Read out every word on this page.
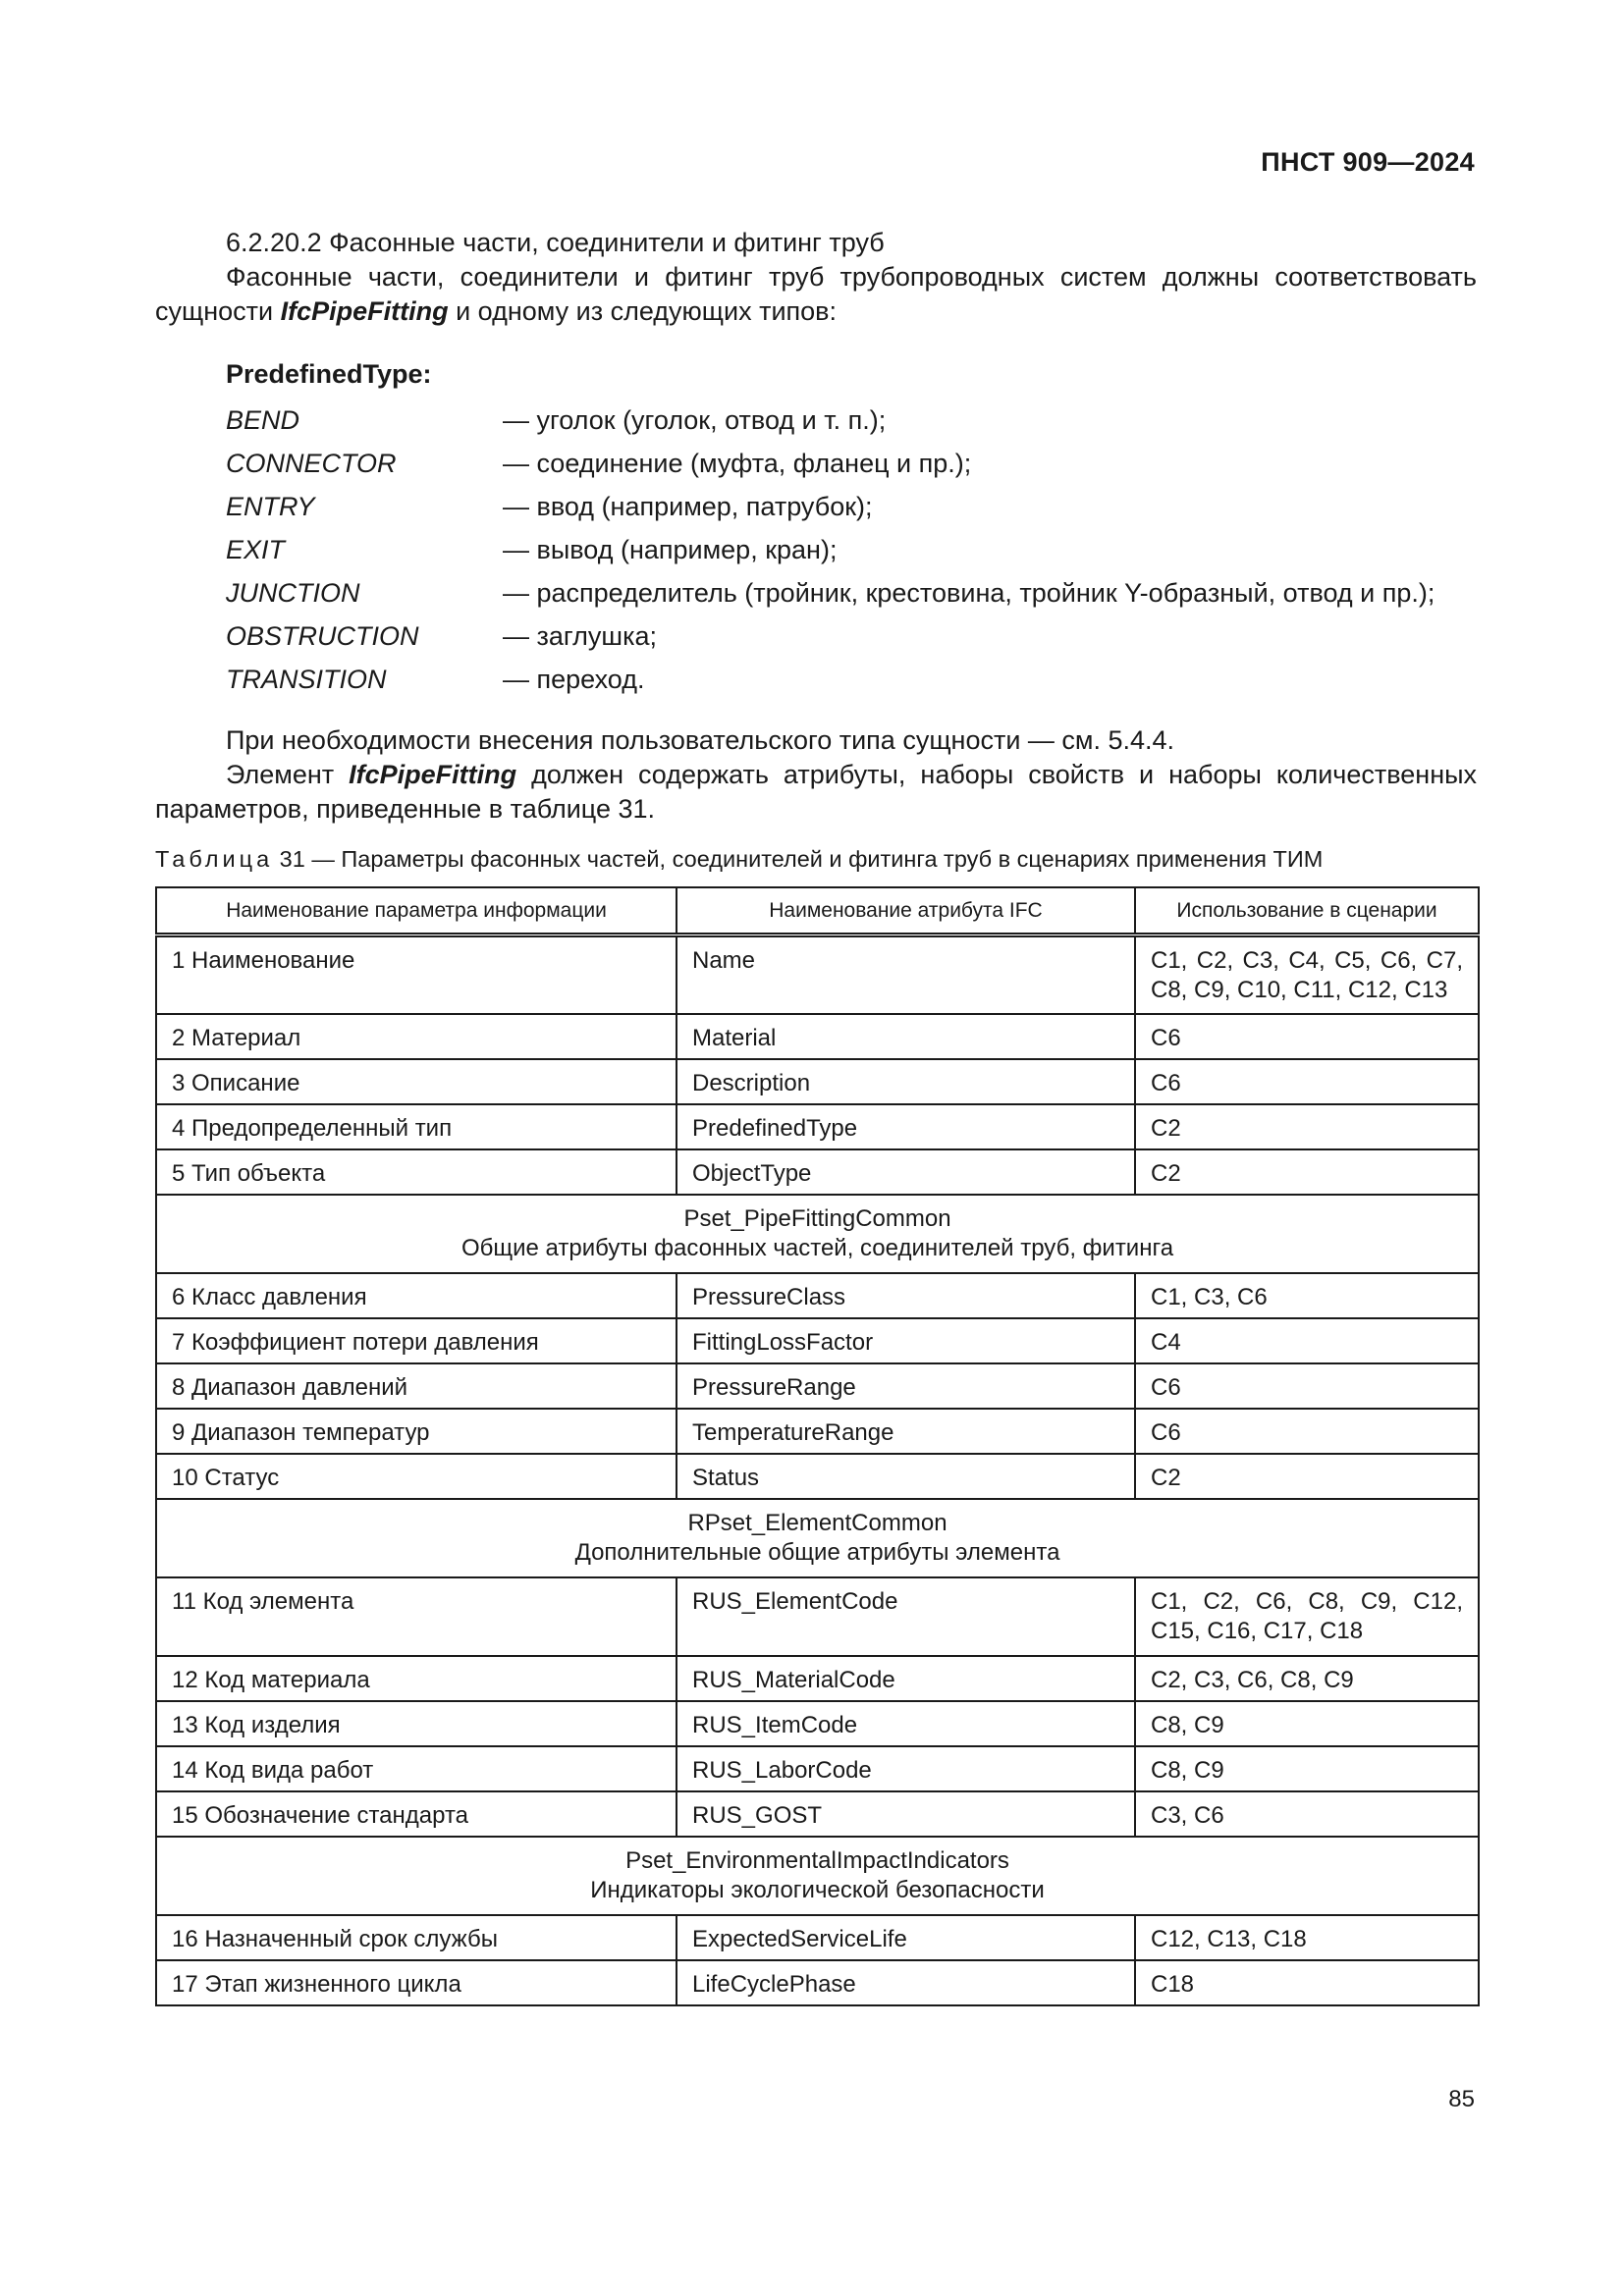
ПНСТ 909—2024
6.2.20.2 Фасонные части, соединители и фитинг труб
Фасонные части, соединители и фитинг труб трубопроводных систем должны соответствовать сущности IfcPipeFitting и одному из следующих типов:
PredefinedType:
BEND	— уголок (уголок, отвод и т. п.);
CONNECTOR	— соединение (муфта, фланец и пр.);
ENTRY	— ввод (например, патрубок);
EXIT	— вывод (например, кран);
JUNCTION	— распределитель (тройник, крестовина, тройник Y-образный, отвод и пр.);
OBSTRUCTION	— заглушка;
TRANSITION	— переход.
При необходимости внесения пользовательского типа сущности — см. 5.4.4.
Элемент IfcPipeFitting должен содержать атрибуты, наборы свойств и наборы количественных параметров, приведенные в таблице 31.
Таблица 31 — Параметры фасонных частей, соединителей и фитинга труб в сценариях применения ТИМ
Наименование параметра информации	Наименование атрибута IFC	Использование в сценарии
1 Наименование	Name	C1, C2, C3, C4, C5, C6, C7, C8, C9, C10, C11, C12, C13
2 Материал	Material	C6
3 Описание	Description	C6
4 Предопределенный тип	PredefinedType	C2
5 Тип объекта	ObjectType	C2

Pset_PipeFittingCommon
Общие атрибуты фасонных частей, соединителей труб, фитинга		

6 Класс давления	PressureClass	C1, C3, C6
7 Коэффициент потери давления	FittingLossFactor	C4
8 Диапазон давлений	PressureRange	C6
9 Диапазон температур	TemperatureRange	C6
10 Статус	Status	C2

RPset_ElementCommon
Дополнительные общие атрибуты элемента		

11 Код элемента	RUS_ElementCode	C1, C2, C6, C8, C9, C12, C15, C16, C17, C18
12 Код материала	RUS_MaterialCode	C2, C3, C6, C8, C9
13 Код изделия	RUS_ItemCode	C8, C9
14 Код вида работ	RUS_LaborCode	C8, C9
15 Обозначение стандарта	RUS_GOST	C3, C6

Pset_EnvironmentalImpactIndicators
Индикаторы экологической безопасности		

16 Назначенный срок службы	ExpectedServiceLife	C12, C13, C18
17 Этап жизненного цикла	LifeCyclePhase	C18
85
